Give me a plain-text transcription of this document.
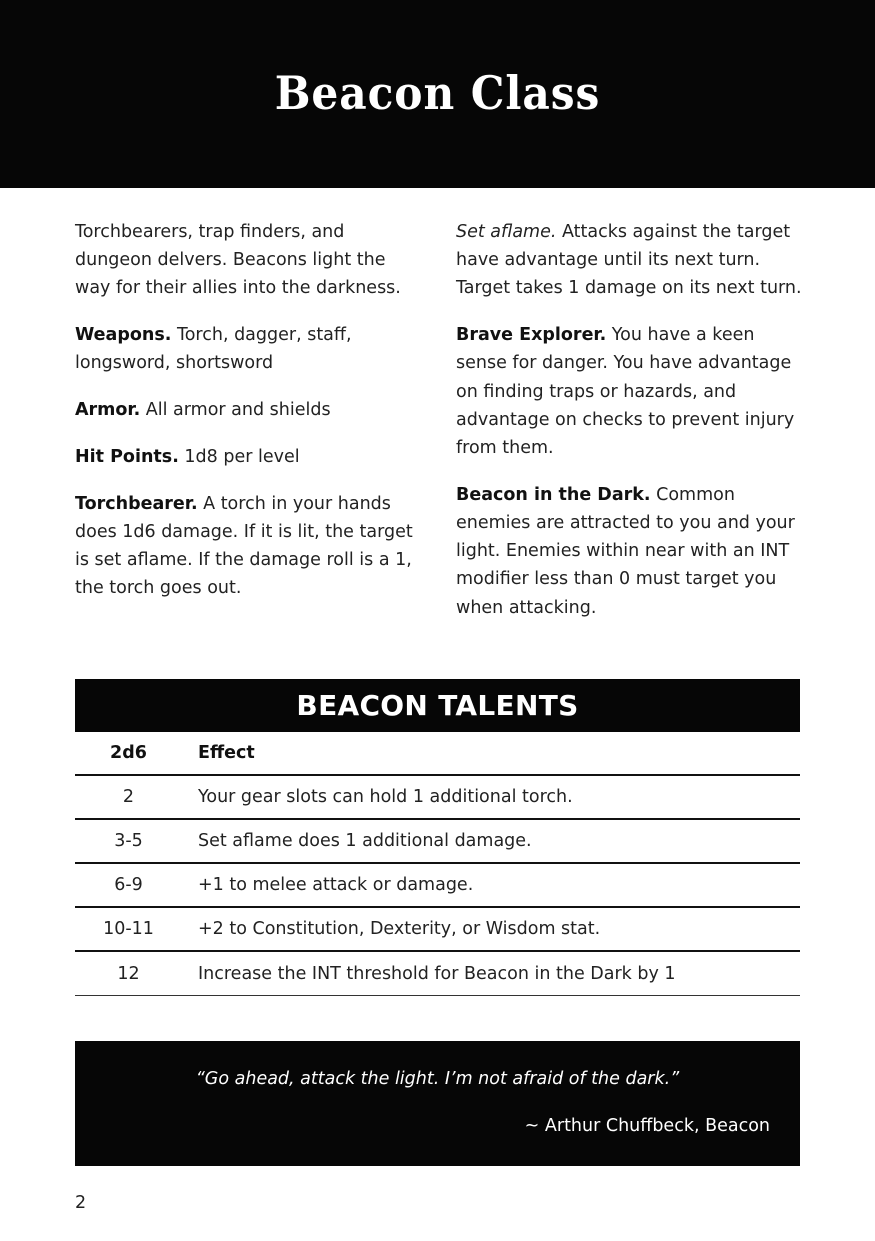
Beacon Class

Torchbearers, trap finders, and dungeon delvers. Beacons light the way for their allies into the darkness.

Weapons. Torch, dagger, staff, longsword, shortsword

Armor. All armor and shields

Hit Points. 1d8 per level

Torchbearer. A torch in your hands does 1d6 damage. If it is lit, the target is set aflame. If the damage roll is a 1, the torch goes out.

Set aflame. Attacks against the target have advantage until its next turn. Target takes 1 damage on its next turn.

Brave Explorer. You have a keen sense for danger. You have advantage on finding traps or hazards, and advantage on checks to prevent injury from them.

Beacon in the Dark. Common enemies are attracted to you and your light. Enemies within near with an INT modifier less than 0 must target you when attacking.

BEACON TALENTS
2d6	Effect
2	Your gear slots can hold 1 additional torch.
3-5	Set aflame does 1 additional damage.
6-9	+1 to melee attack or damage.
10-11	+2 to Constitution, Dexterity, or Wisdom stat.
12	Increase the INT threshold for Beacon in the Dark by 1
“Go ahead, attack the light. I’m not afraid of the dark.”
~ Arthur Chuffbeck, Beacon
2
